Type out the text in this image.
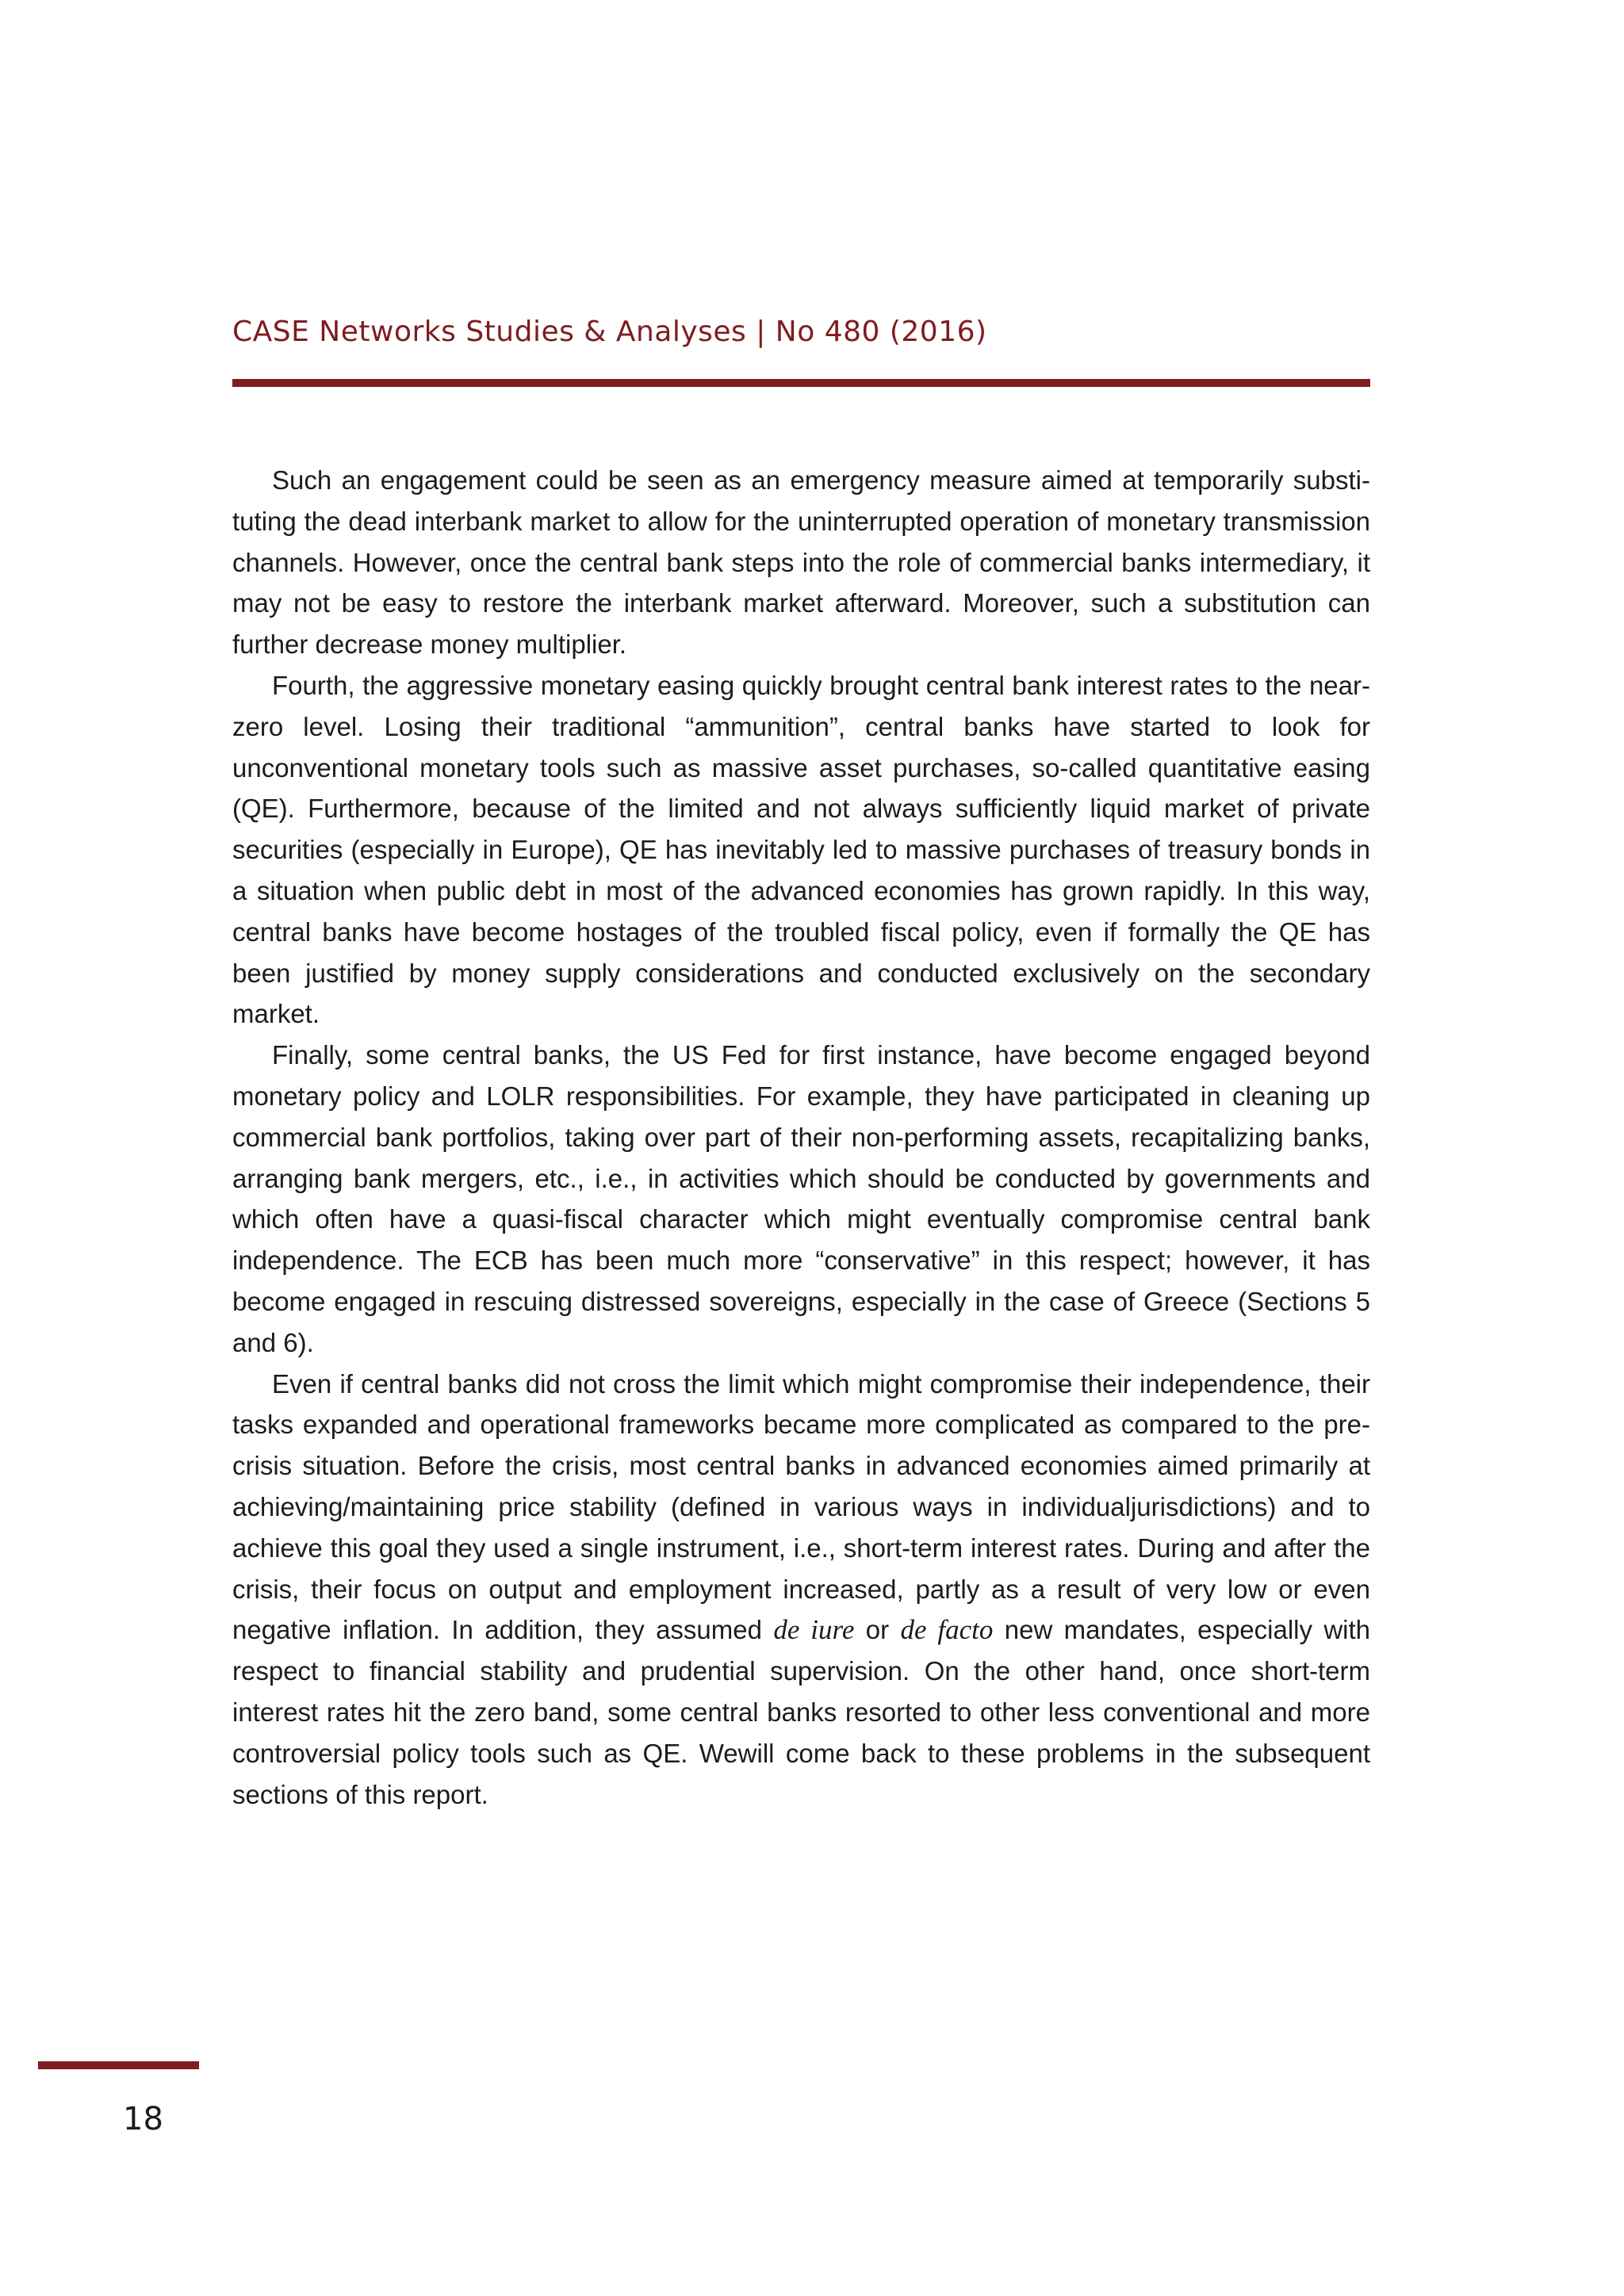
CASE Networks Studies & Analyses | No 480 (2016)

Such an engagement could be seen as an emergency measure aimed at temporarily substituting the dead interbank market to allow for the uninterrupted operation of monetary transmission channels. However, once the central bank steps into the role of commercial banks intermediary, it may not be easy to restore the interbank market afterward. Moreover, such a substitution can further decrease money multiplier.

Fourth, the aggressive monetary easing quickly brought central bank interest rates to the near- zero level. Losing their traditional “ammunition”, central banks have started to look for unconventional monetary tools such as massive asset purchases, so-called quantitative easing (QE). Furthermore, because of the limited and not always sufficiently liquid market of private securities (especially in Europe), QE has inevitably led to massive purchases of treasury bonds in a situation when public debt in most of the advanced economies has grown rapidly. In this way, central banks have become hostages of the troubled fiscal policy, even if formally the QE has been justified by money supply considerations and conducted exclusively on the secondary market.

Finally, some central banks, the US Fed for first instance, have become engaged beyond monetary policy and LOLR responsibilities. For example, they have participated in cleaning up commercial bank portfolios, taking over part of their non-performing assets, recapitalizing banks, arranging bank mergers, etc., i.e., in activities which should be conducted by governments and which often have a quasi-fiscal character which might eventually compromise central bank independence. The ECB has been much more “conservative” in this respect; however, it has become engaged in rescuing distressed sovereigns, especially in the case of Greece (Sections 5 and 6).

Even if central banks did not cross the limit which might compromise their independence, their tasks expanded and operational frameworks became more complicated as compared to the pre-crisis situation. Before the crisis, most central banks in advanced economies aimed primarily at achieving/maintaining price stability (defined in various ways in individualjurisdictions) and to achieve this goal they used a single instrument, i.e., short-term interest rates. During and after the crisis, their focus on output and employment increased, partly as a result of very low or even negative inflation. In addition, they assumed de iure or de facto new mandates, especially with respect to financial stability and prudential supervision. On the other hand, once short-term interest rates hit the zero band, some central banks resorted to other less conventional and more controversial policy tools such as QE. Wewill come back to these problems in the subsequent sections of this report.

18
